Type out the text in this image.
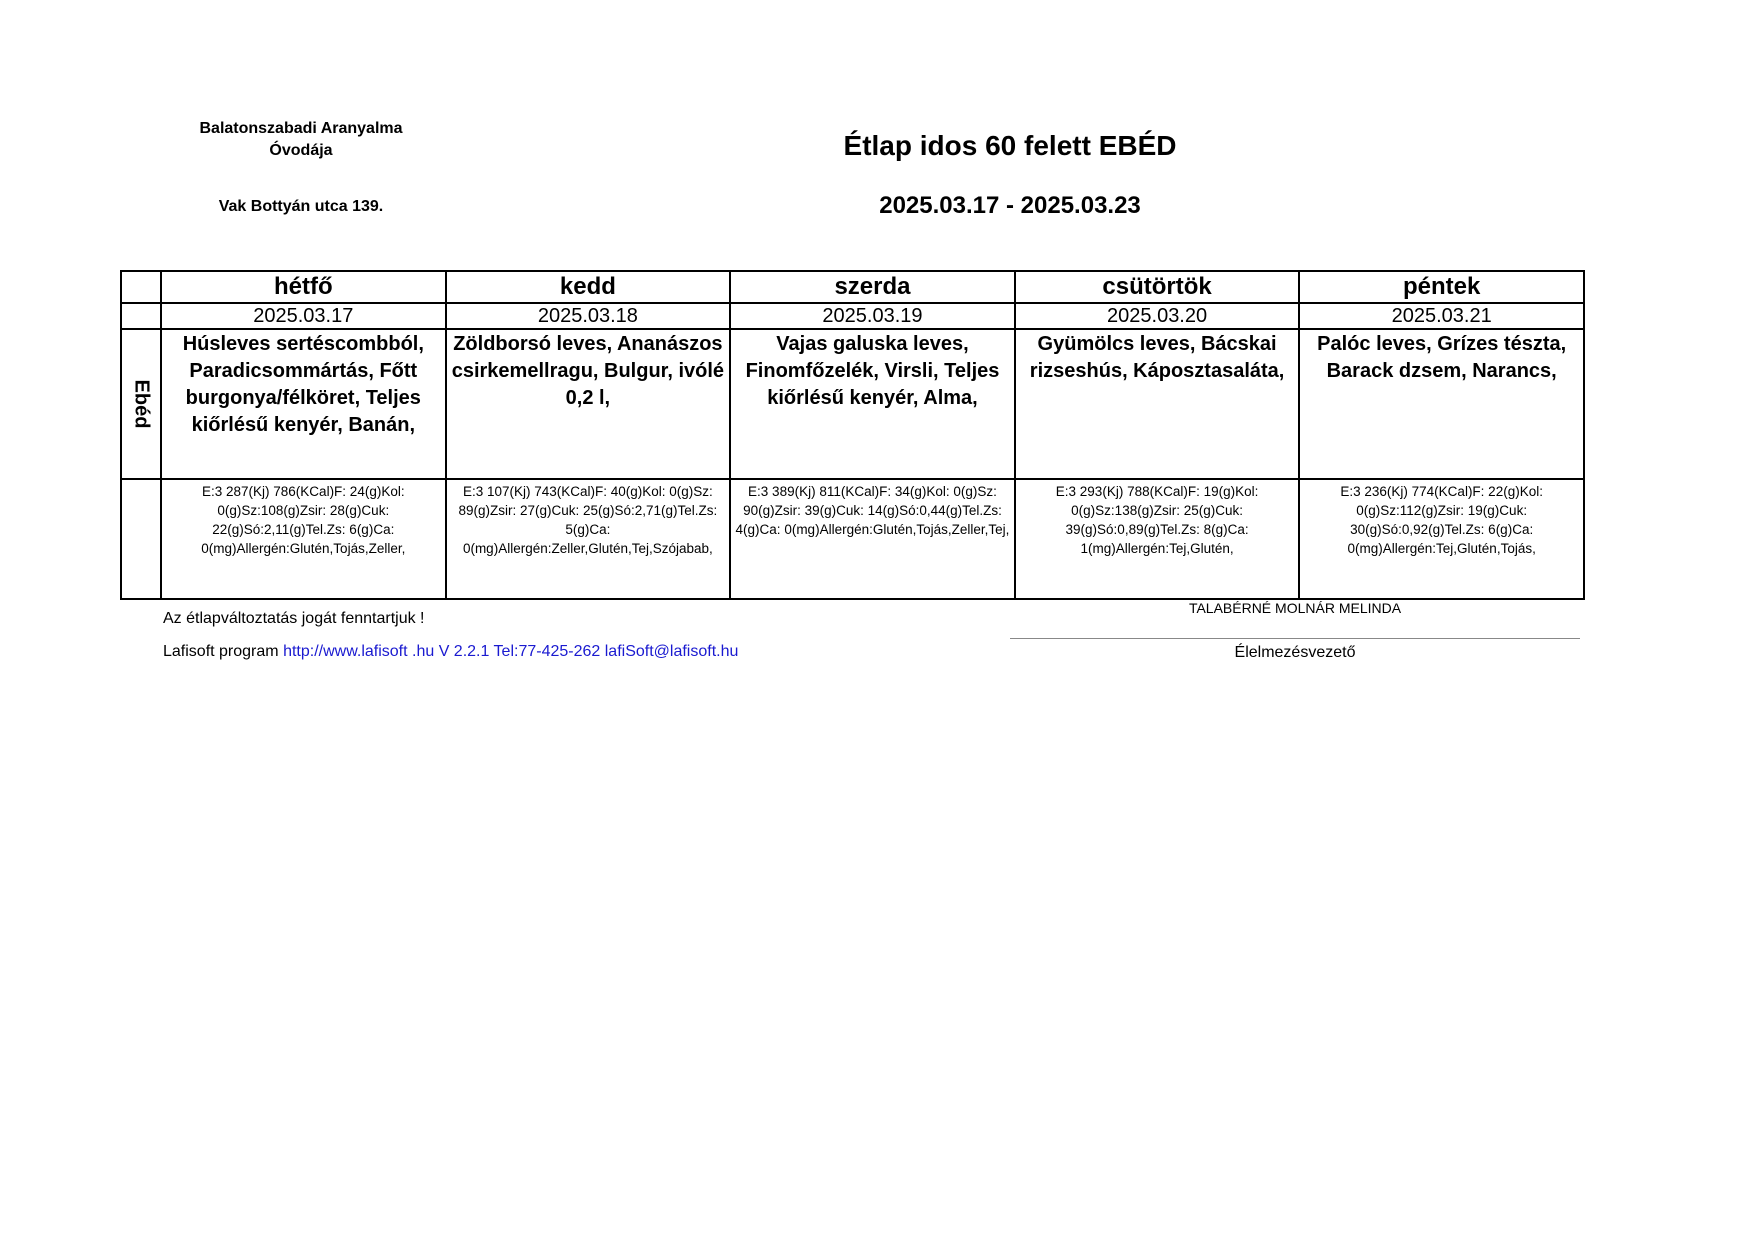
Balatonszabadi Aranyalma
Óvodája
Vak Bottyán utca 139.
Étlap idos 60 felett EBÉD
2025.03.17 - 2025.03.23

	hétfő	kedd	szerda	csütörtök	péntek

	2025.03.17	2025.03.18	2025.03.19	2025.03.20	2025.03.21

Ebéd	Húsleves sertéscombból, Paradicsommártás, Főtt burgonya/félköret, Teljes kiőrlésű kenyér, Banán,	Zöldborsó leves, Ananászos csirkemellragu, Bulgur, ivólé 0,2 l,	Vajas galuska leves, Finomfőzelék, Virsli, Teljes kiőrlésű kenyér, Alma,	Gyümölcs leves, Bácskai rizseshús, Káposztasaláta,	Palóc leves, Grízes tészta, Barack dzsem, Narancs,

	E:3 287(Kj) 786(KCal)F: 24(g)Kol: 0(g)Sz:108(g)Zsir: 28(g)Cuk: 22(g)Só:2,11(g)Tel.Zs: 6(g)Ca: 0(mg)Allergén:Glutén,Tojás,Zeller,	E:3 107(Kj) 743(KCal)F: 40(g)Kol: 0(g)Sz: 89(g)Zsir: 27(g)Cuk: 25(g)Só:2,71(g)Tel.Zs: 5(g)Ca: 0(mg)Allergén:Zeller,Glutén,Tej,Szójabab,	E:3 389(Kj) 811(KCal)F: 34(g)Kol: 0(g)Sz: 90(g)Zsir: 39(g)Cuk: 14(g)Só:0,44(g)Tel.Zs: 4(g)Ca: 0(mg)Allergén:Glutén,Tojás,Zeller,Tej,	E:3 293(Kj) 788(KCal)F: 19(g)Kol: 0(g)Sz:138(g)Zsir: 25(g)Cuk: 39(g)Só:0,89(g)Tel.Zs: 8(g)Ca: 1(mg)Allergén:Tej,Glutén,	E:3 236(Kj) 774(KCal)F: 22(g)Kol: 0(g)Sz:112(g)Zsir: 19(g)Cuk: 30(g)Só:0,92(g)Tel.Zs: 6(g)Ca: 0(mg)Allergén:Tej,Glutén,Tojás,
Az étlapváltoztatás jogát fenntartjuk !
Lafisoft program http://www.lafisoft .hu V 2.2.1 Tel:77-425-262 lafiSoft@lafisoft.hu
TALABÉRNÉ MOLNÁR MELINDA
Élelmezésvezető
